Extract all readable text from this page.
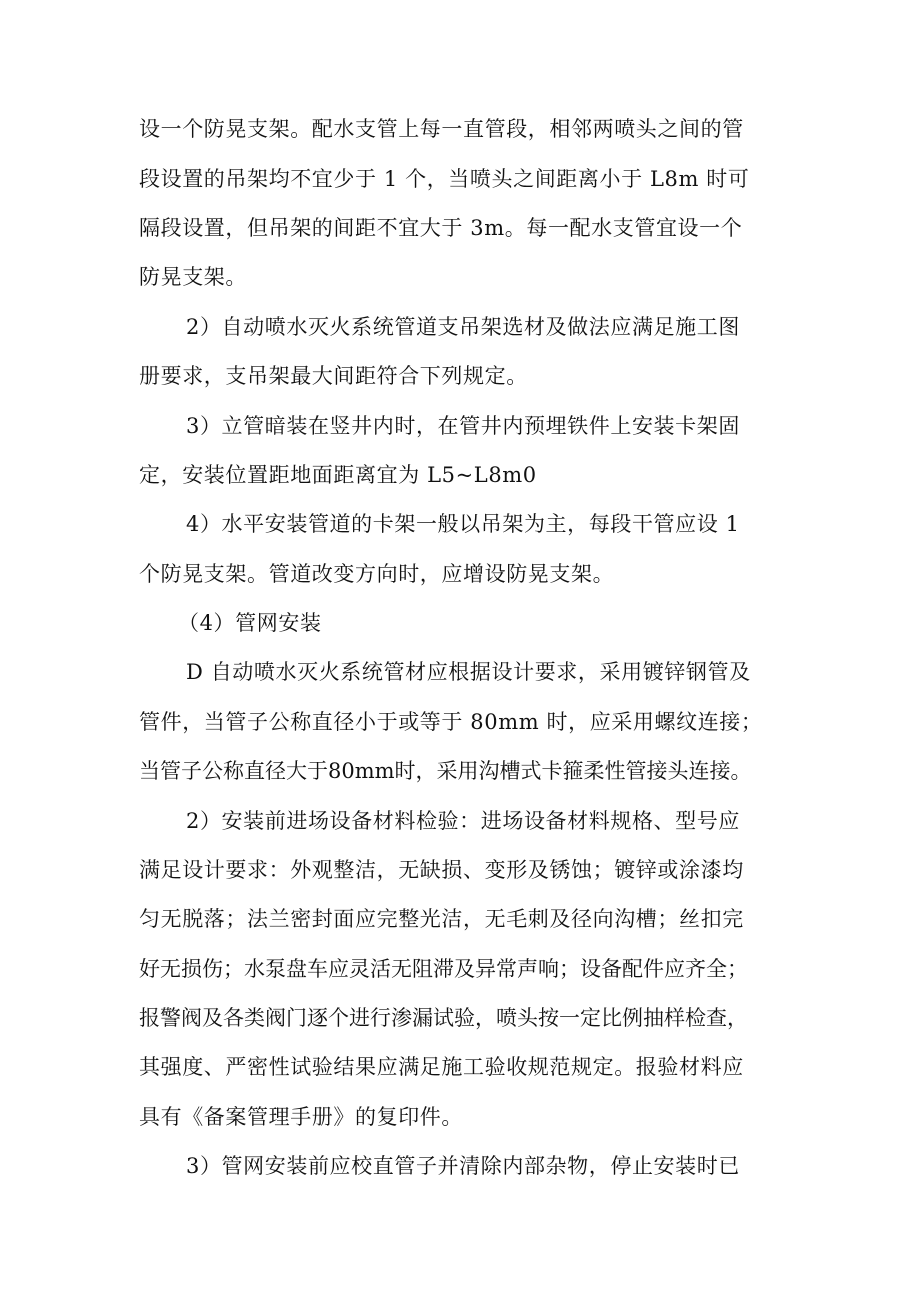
设一个防晃支架。配水支管上每一直管段，相邻两喷头之间的管
段设置的吊架均不宜少于 1 个，当喷头之间距离小于 L8m 时可
隔段设置，但吊架的间距不宜大于 3m。每一配水支管宜设一个
防晃支架。
2）自动喷水灭火系统管道支吊架选材及做法应满足施工图
册要求，支吊架最大间距符合下列规定。
3）立管暗装在竖井内时，在管井内预埋铁件上安装卡架固
定，安装位置距地面距离宜为 L5~L8m0
4）水平安装管道的卡架一般以吊架为主，每段干管应设 1
个防晃支架。管道改变方向时，应增设防晃支架。
（4）管网安装
D 自动喷水灭火系统管材应根据设计要求，采用镀锌钢管及
管件，当管子公称直径小于或等于 80mm 时，应采用螺纹连接；
当管子公称直径大于80mm时，采用沟槽式卡箍柔性管接头连接。
2）安装前进场设备材料检验：进场设备材料规格、型号应
满足设计要求：外观整洁，无缺损、变形及锈蚀；镀锌或涂漆均
匀无脱落；法兰密封面应完整光洁，无毛刺及径向沟槽；丝扣完
好无损伤；水泵盘车应灵活无阻滞及异常声响；设备配件应齐全；
报警阀及各类阀门逐个进行渗漏试验，喷头按一定比例抽样检查，
其强度、严密性试验结果应满足施工验收规范规定。报验材料应
具有《备案管理手册》的复印件。
3）管网安装前应校直管子并清除内部杂物，停止安装时已
